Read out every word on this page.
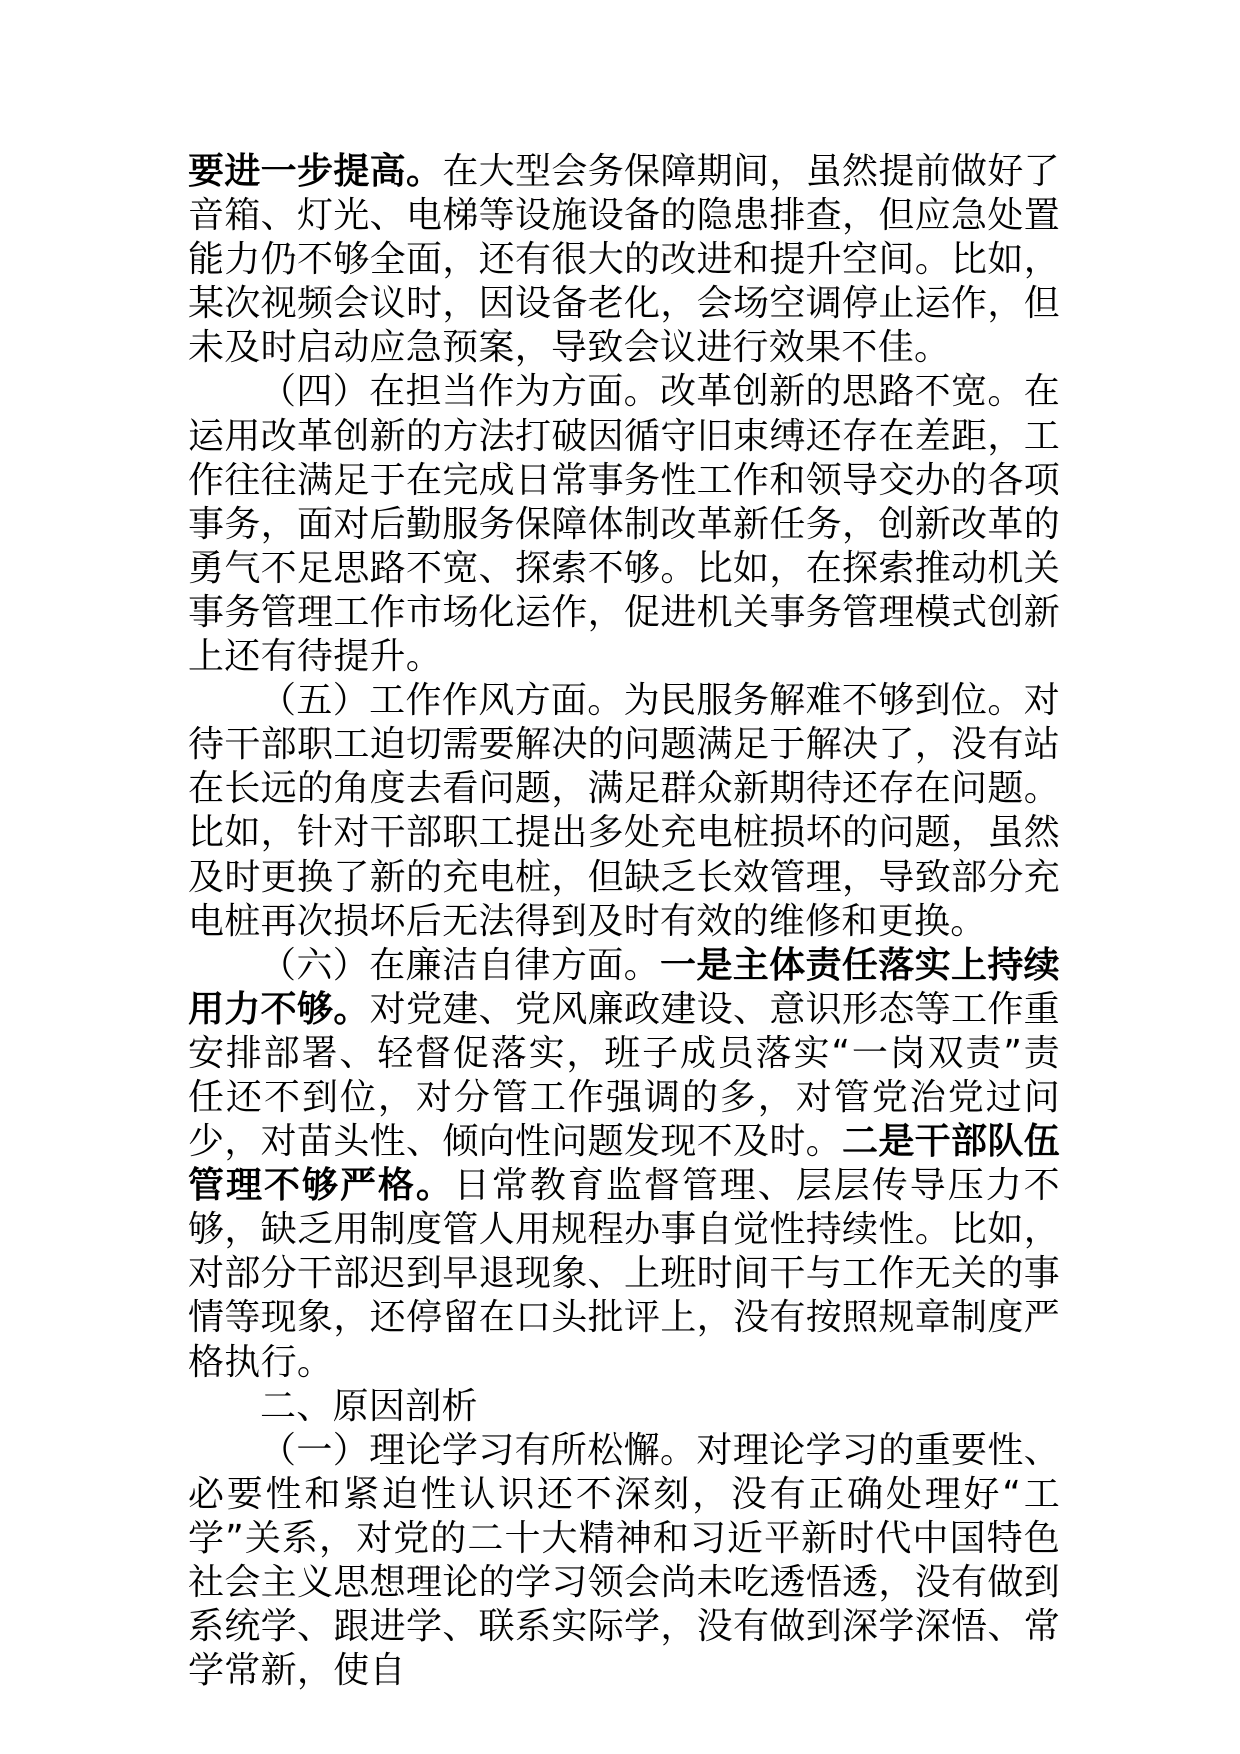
要进一步提高。在大型会务保障期间，虽然提前做好了音箱、灯光、电梯等设施设备的隐患排查，但应急处置能力仍不够全面，还有很大的改进和提升空间。比如，某次视频会议时，因设备老化，会场空调停止运作，但未及时启动应急预案，导致会议进行效果不佳。

（四）在担当作为方面。改革创新的思路不宽。在运用改革创新的方法打破因循守旧束缚还存在差距，工作往往满足于在完成日常事务性工作和领导交办的各项事务，面对后勤服务保障体制改革新任务，创新改革的勇气不足思路不宽、探索不够。比如，在探索推动机关事务管理工作市场化运作，促进机关事务管理模式创新上还有待提升。

（五）工作作风方面。为民服务解难不够到位。对待干部职工迫切需要解决的问题满足于解决了，没有站在长远的角度去看问题，满足群众新期待还存在问题。比如，针对干部职工提出多处充电桩损坏的问题，虽然及时更换了新的充电桩，但缺乏长效管理，导致部分充电桩再次损坏后无法得到及时有效的维修和更换。

（六）在廉洁自律方面。一是主体责任落实上持续用力不够。对党建、党风廉政建设、意识形态等工作重安排部署、轻督促落实，班子成员落实“一岗双责”责任还不到位，对分管工作强调的多，对管党治党过问少，对苗头性、倾向性问题发现不及时。二是干部队伍管理不够严格。日常教育监督管理、层层传导压力不够，缺乏用制度管人用规程办事自觉性持续性。比如，对部分干部迟到早退现象、上班时间干与工作无关的事情等现象，还停留在口头批评上，没有按照规章制度严格执行。

二、原因剖析

（一）理论学习有所松懈。对理论学习的重要性、必要性和紧迫性认识还不深刻，没有正确处理好“工学”关系，对党的二十大精神和习近平新时代中国特色社会主义思想理论的学习领会尚未吃透悟透，没有做到系统学、跟进学、联系实际学，没有做到深学深悟、常学常新，使自
